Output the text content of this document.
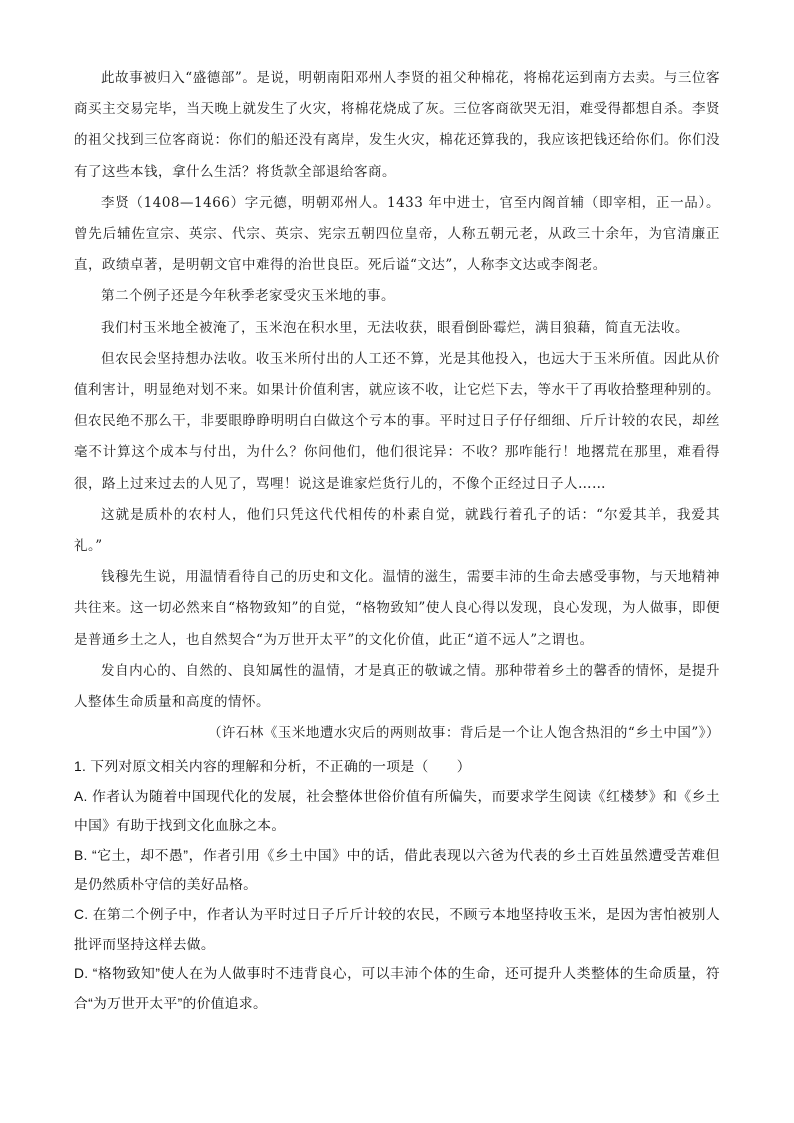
此故事被归入“盛德部”。是说，明朝南阳邓州人李贤的祖父种棉花，将棉花运到南方去卖。与三位客商买主交易完毕，当天晚上就发生了火灾，将棉花烧成了灰。三位客商欲哭无泪，难受得都想自杀。李贤的祖父找到三位客商说：你们的船还没有离岸，发生火灾，棉花还算我的，我应该把钱还给你们。你们没有了这些本钱，拿什么生活？将货款全部退给客商。

李贤（1408—1466）字元德，明朝邓州人。1433 年中进士，官至内阁首辅（即宰相，正一品）。曾先后辅佐宣宗、英宗、代宗、英宗、宪宗五朝四位皇帝，人称五朝元老，从政三十余年，为官清廉正直，政绩卓著，是明朝文官中难得的治世良臣。死后谥“文达”，人称李文达或李阁老。

第二个例子还是今年秋季老家受灾玉米地的事。

我们村玉米地全被淹了，玉米泡在积水里，无法收获，眼看倒卧霉烂，满目狼藉，简直无法收。

但农民会坚持想办法收。收玉米所付出的人工还不算，光是其他投入，也远大于玉米所值。因此从价值利害计，明显绝对划不来。如果计价值利害，就应该不收，让它烂下去，等水干了再收拾整理种别的。但农民绝不那么干，非要眼睁睁明明白白做这个亏本的事。平时过日子仔仔细细、斤斤计较的农民，却丝毫不计算这个成本与付出，为什么？你问他们，他们很诧异：不收？那咋能行！地撂荒在那里，难看得很，路上过来过去的人见了，骂哩！说这是谁家烂货行儿的，不像个正经过日子人……

这就是质朴的农村人，他们只凭这代代相传的朴素自觉，就践行着孔子的话：“尔爱其羊，我爱其礼。”

钱穆先生说，用温情看待自己的历史和文化。温情的滋生，需要丰沛的生命去感受事物，与天地精神共往来。这一切必然来自“格物致知”的自觉，“格物致知”使人良心得以发现，良心发现，为人做事，即便是普通乡土之人，也自然契合“为万世开太平”的文化价值，此正“道不远人”之谓也。

发自内心的、自然的、良知属性的温情，才是真正的敬诚之情。那种带着乡土的馨香的情怀，是提升人整体生命质量和高度的情怀。

（许石林《玉米地遭水灾后的两则故事：背后是一个让人饱含热泪的“乡土中国”》）

1. 下列对原文相关内容的理解和分析，不正确的一项是（　　）

A. 作者认为随着中国现代化的发展，社会整体世俗价值有所偏失，而要求学生阅读《红楼梦》和《乡土中国》有助于找到文化血脉之本。

B. “它土，却不愚”，作者引用《乡土中国》中的话，借此表现以六爸为代表的乡土百姓虽然遭受苦难但是仍然质朴守信的美好品格。

C. 在第二个例子中，作者认为平时过日子斤斤计较的农民，不顾亏本地坚持收玉米，是因为害怕被别人批评而坚持这样去做。

D. “格物致知”使人在为人做事时不违背良心，可以丰沛个体的生命，还可提升人类整体的生命质量，符合“为万世开太平”的价值追求。
